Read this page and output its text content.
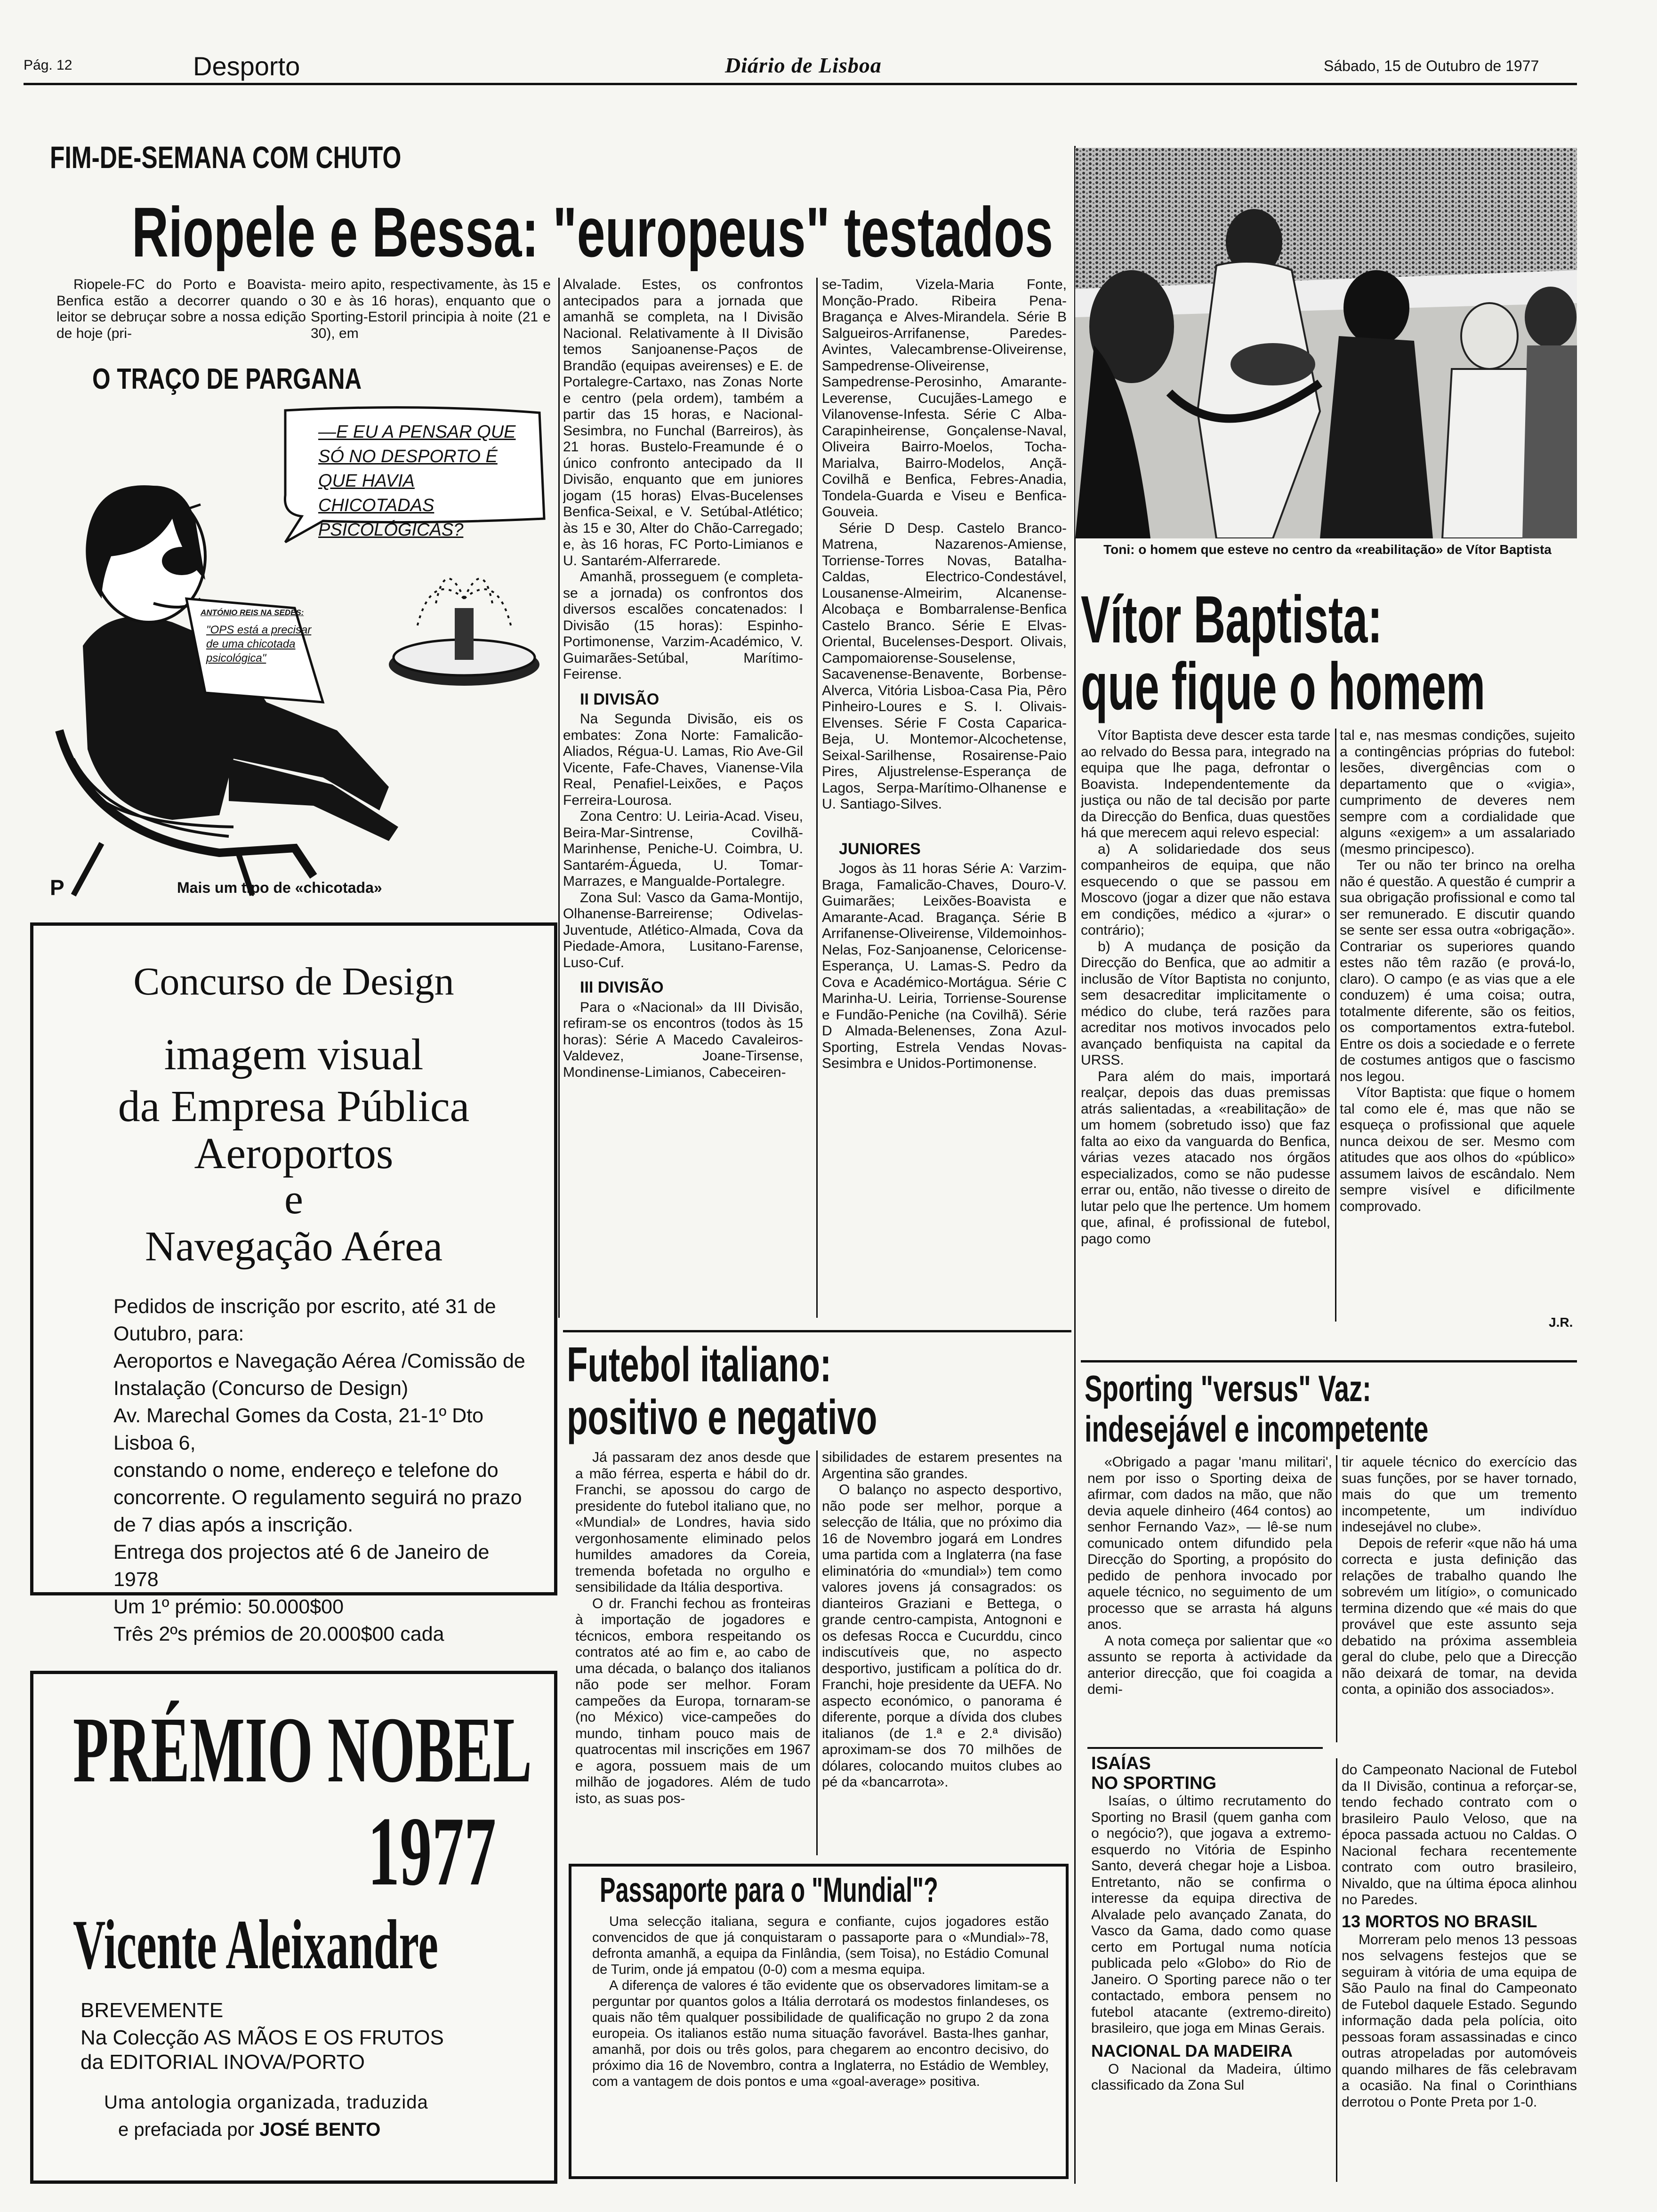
Pág. 12	Desporto	Diário de Lisboa	Sábado, 15 de Outubro de 1977
FIM-DE-SEMANA COM CHUTO
Riopele e Bessa: "europeus" testados

Riopele-FC do Porto e Boavista-Benfica estão a decorrer quando o leitor se debruçar sobre a nossa edição de hoje (pri-

meiro apito, respectivamente, às 15 e 30 e às 16 horas), enquanto que o Sporting-Estoril principia à noite (21 e 30), em

Alvalade. Estes, os confrontos antecipados para a jornada que amanhã se completa, na I Divisão Nacional. Relativamente à II Divisão temos Sanjoanense-Paços de Brandão (equipas aveirenses) e E. de Portalegre-Cartaxo, nas Zonas Norte e centro (pela ordem), também a partir das 15 horas, e Nacional-Sesimbra, no Funchal (Barreiros), às 21 horas. Bustelo-Freamunde é o único confronto antecipado da II Divisão, enquanto que em juniores jogam (15 horas) Elvas-Bucelenses Benfica-Seixal, e V. Setúbal-Atlético; às 15 e 30, Alter do Chão-Carregado; e, às 16 horas, FC Porto-Limianos e U. Santarém-Alferrarede.

Amanhã, prosseguem (e completa-se a jornada) os confrontos dos diversos escalões concatenados: I Divisão (15 horas): Espinho-Portimonense, Varzim-Académico, V. Guimarães-Setúbal, Marítimo-Feirense.

II DIVISÃO

Na Segunda Divisão, eis os embates: Zona Norte: Famalicão-Aliados, Régua-U. Lamas, Rio Ave-Gil Vicente, Fafe-Chaves, Vianense-Vila Real, Penafiel-Leixões, e Paços Ferreira-Lourosa.

Zona Centro: U. Leiria-Acad. Viseu, Beira-Mar-Sintrense, Covilhã-Marinhense, Peniche-U. Coimbra, U. Santarém-Águeda, U. Tomar-Marrazes, e Mangualde-Portalegre.

Zona Sul: Vasco da Gama-Montijo, Olhanense-Barreirense; Odivelas-Juventude, Atlético-Almada, Cova da Piedade-Amora, Lusitano-Farense, Luso-Cuf.

III DIVISÃO

Para o «Nacional» da III Divisão, refiram-se os encontros (todos às 15 horas): Série A Macedo Cavaleiros-Valdevez, Joane-Tirsense, Mondinense-Limianos, Cabeceiren-

se-Tadim, Vizela-Maria Fonte, Monção-Prado. Ribeira Pena-Bragança e Alves-Mirandela. Série B Salgueiros-Arrifanense, Paredes-Avintes, Valecambrense-Oliveirense, Sampedrense-Oliveirense, Sampedrense-Perosinho, Amarante-Leverense, Cucujães-Lamego e Vilanovense-Infesta. Série C Alba-Carapinheirense, Gonçalense-Naval, Oliveira Bairro-Moelos, Tocha-Marialva, Bairro-Modelos, Ançã-Covilhã e Benfica, Febres-Anadia, Tondela-Guarda e Viseu e Benfica-Gouveia.

Série D Desp. Castelo Branco-Matrena, Nazarenos-Amiense, Torriense-Torres Novas, Batalha-Caldas, Electrico-Condestável, Lousanense-Almeirim, Alcanense-Alcobaça e Bombarralense-Benfica Castelo Branco. Série E Elvas-Oriental, Bucelenses-Desport. Olivais, Campomaiorense-Souselense, Sacavenense-Benavente, Borbense-Alverca, Vitória Lisboa-Casa Pia, Pêro Pinheiro-Loures e S. I. Olivais-Elvenses. Série F Costa Caparica-Beja, U. Montemor-Alcochetense, Seixal-Sarilhense, Rosairense-Paio Pires, Aljustrelense-Esperança de Lagos, Serpa-Marítimo-Olhanense e U. Santiago-Silves.

JUNIORES

Jogos às 11 horas Série A: Varzim-Braga, Famalicão-Chaves, Douro-V. Guimarães; Leixões-Boavista e Amarante-Acad. Bragança. Série B Arrifanense-Oliveirense, Vildemoinhos-Nelas, Foz-Sanjoanense, Celoricense-Esperança, U. Lamas-S. Pedro da Cova e Académico-Mortágua. Série C Marinha-U. Leiria, Torriense-Sourense e Fundão-Peniche (na Covilhã). Série D Almada-Belenenses, Zona Azul-Sporting, Estrela Vendas Novas-Sesimbra e Unidos-Portimonense.

O TRAÇO DE PARGANA
P
—E EU A PENSAR QUE SÓ NO DESPORTO É QUE HAVIA CHICOTADAS PSICOLÓGICAS?
ANTÓNIO REIS NA SEDES:
"OPS está a precisar de uma chicotada psicológica"
Mais um tipo de «chicotada»
Concurso de Design
imagem visual
da Empresa Pública
Aeroportos
e
Navegação Aérea

Pedidos de inscrição por escrito, até 31 de Outubro, para:

Aeroportos e Navegação Aérea /Comissão de Instalação (Concurso de Design)

Av. Marechal Gomes da Costa, 21-1º Dto

Lisboa 6,

constando o nome, endereço e telefone do concorrente. O regulamento seguirá no prazo de 7 dias após a inscrição.

Entrega dos projectos até 6 de Janeiro de 1978

Um 1º prémio: 50.000$00

Três 2ºs prémios de 20.000$00 cada

PRÉMIO NOBEL
1977
Vicente Aleixandre
BREVEMENTE
Na Colecção AS MÃOS E OS FRUTOS
da EDITORIAL INOVA/PORTO
Uma antologia organizada, traduzida
e prefaciada por JOSÉ BENTO
Toni: o homem que esteve no centro da «reabilitação» de Vítor Baptista
Vítor Baptista:
que fique o homem

Vítor Baptista deve descer esta tarde ao relvado do Bessa para, integrado na equipa que lhe paga, defrontar o Boavista. Independentemente da justiça ou não de tal decisão por parte da Direcção do Benfica, duas questões há que merecem aqui relevo especial:

a) A solidariedade dos seus companheiros de equipa, que não esquecendo o que se passou em Moscovo (jogar a dizer que não estava em condições, médico a «jurar» o contrário);

b) A mudança de posição da Direcção do Benfica, que ao admitir a inclusão de Vítor Baptista no conjunto, sem desacreditar implicitamente o médico do clube, terá razões para acreditar nos motivos invocados pelo avançado benfiquista na capital da URSS.

Para além do mais, importará realçar, depois das duas premissas atrás salientadas, a «reabilitação» de um homem (sobretudo isso) que faz falta ao eixo da vanguarda do Benfica, várias vezes atacado nos órgãos especializados, como se não pudesse errar ou, então, não tivesse o direito de lutar pelo que lhe pertence. Um homem que, afinal, é profissional de futebol, pago como

tal e, nas mesmas condições, sujeito a contingências próprias do futebol: lesões, divergências com o departamento que o «vigia», cumprimento de deveres nem sempre com a cordialidade que alguns «exigem» a um assalariado (mesmo principesco).

Ter ou não ter brinco na orelha não é questão. A questão é cumprir a sua obrigação profissional e como tal ser remunerado. E discutir quando se sente ser essa outra «obrigação». Contrariar os superiores quando estes não têm razão (e prová-lo, claro). O campo (e as vias que a ele conduzem) é uma coisa; outra, totalmente diferente, são os feitios, os comportamentos extra-futebol. Entre os dois a sociedade e o ferrete de costumes antigos que o fascismo nos legou.

Vítor Baptista: que fique o homem tal como ele é, mas que não se esqueça o profissional que aquele nunca deixou de ser. Mesmo com atitudes que aos olhos do «público» assumem laivos de escândalo. Nem sempre visível e dificilmente comprovado.

J.R.
Futebol italiano:
positivo e negativo

Já passaram dez anos desde que a mão férrea, esperta e hábil do dr. Franchi, se apossou do cargo de presidente do futebol italiano que, no «Mundial» de Londres, havia sido vergonhosamente eliminado pelos humildes amadores da Coreia, tremenda bofetada no orgulho e sensibilidade da Itália desportiva.

O dr. Franchi fechou as fronteiras à importação de jogadores e técnicos, embora respeitando os contratos até ao fim e, ao cabo de uma década, o balanço dos italianos não pode ser melhor. Foram campeões da Europa, tornaram-se (no México) vice-campeões do mundo, tinham pouco mais de quatrocentas mil inscrições em 1967 e agora, possuem mais de um milhão de jogadores. Além de tudo isto, as suas pos-

sibilidades de estarem presentes na Argentina são grandes.

O balanço no aspecto desportivo, não pode ser melhor, porque a selecção de Itália, que no próximo dia 16 de Novembro jogará em Londres uma partida com a Inglaterra (na fase eliminatória do «mundial») tem como valores jovens já consagrados: os dianteiros Graziani e Bettega, o grande centro-campista, Antognoni e os defesas Rocca e Cucurddu, cinco indiscutíveis que, no aspecto desportivo, justificam a política do dr. Franchi, hoje presidente da UEFA. No aspecto económico, o panorama é diferente, porque a dívida dos clubes italianos (de 1.ª e 2.ª divisão) aproximam-se dos 70 milhões de dólares, colocando muitos clubes ao pé da «bancarrota».

Passaporte para o "Mundial"?

Uma selecção italiana, segura e confiante, cujos jogadores estão convencidos de que já conquistaram o passaporte para o «Mundial»-78, defronta amanhã, a equipa da Finlândia, (sem Toisa), no Estádio Comunal de Turim, onde já empatou (0-0) com a mesma equipa.

A diferença de valores é tão evidente que os observadores limitam-se a perguntar por quantos golos a Itália derrotará os modestos finlandeses, os quais não têm qualquer possibilidade de qualificação no grupo 2 da zona europeia. Os italianos estão numa situação favorável. Basta-lhes ganhar, amanhã, por dois ou três golos, para chegarem ao encontro decisivo, do próximo dia 16 de Novembro, contra a Inglaterra, no Estádio de Wembley, com a vantagem de dois pontos e uma «goal-average» positiva.

Sporting "versus" Vaz:
indesejável e incompetente

«Obrigado a pagar 'manu militari', nem por isso o Sporting deixa de afirmar, com dados na mão, que não devia aquele dinheiro (464 contos) ao senhor Fernando Vaz», — lê-se num comunicado ontem difundido pela Direcção do Sporting, a propósito do pedido de penhora invocado por aquele técnico, no seguimento de um processo que se arrasta há alguns anos.

A nota começa por salientar que «o assunto se reporta à actividade da anterior direcção, que foi coagida a demi-

tir aquele técnico do exercício das suas funções, por se haver tornado, mais do que um tremento incompetente, um indivíduo indesejável no clube».

Depois de referir «que não há uma correcta e justa definição das relações de trabalho quando lhe sobrevém um litígio», o comunicado termina dizendo que «é mais do que provável que este assunto seja debatido na próxima assembleia geral do clube, pelo que a Direcção não deixará de tomar, na devida conta, a opinião dos associados».

ISAÍAS

NO SPORTING

Isaías, o último recrutamento do Sporting no Brasil (quem ganha com o negócio?), que jogava a extremo-esquerdo no Vitória de Espinho Santo, deverá chegar hoje a Lisboa. Entretanto, não se confirma o interesse da equipa directiva de Alvalade pelo avançado Zanata, do Vasco da Gama, dado como quase certo em Portugal numa notícia publicada pelo «Globo» do Rio de Janeiro. O Sporting parece não o ter contactado, embora pensem no futebol atacante (extremo-direito) brasileiro, que joga em Minas Gerais.

NACIONAL DA MADEIRA

O Nacional da Madeira, último classificado da Zona Sul

do Campeonato Nacional de Futebol da II Divisão, continua a reforçar-se, tendo fechado contrato com o brasileiro Paulo Veloso, que na época passada actuou no Caldas. O Nacional fechara recentemente contrato com outro brasileiro, Nivaldo, que na última época alinhou no Paredes.

13 MORTOS NO BRASIL

Morreram pelo menos 13 pessoas nos selvagens festejos que se seguiram à vitória de uma equipa de São Paulo na final do Campeonato de Futebol daquele Estado. Segundo informação dada pela polícia, oito pessoas foram assassinadas e cinco outras atropeladas por automóveis quando milhares de fãs celebravam a ocasião. Na final o Corinthians derrotou o Ponte Preta por 1-0.
